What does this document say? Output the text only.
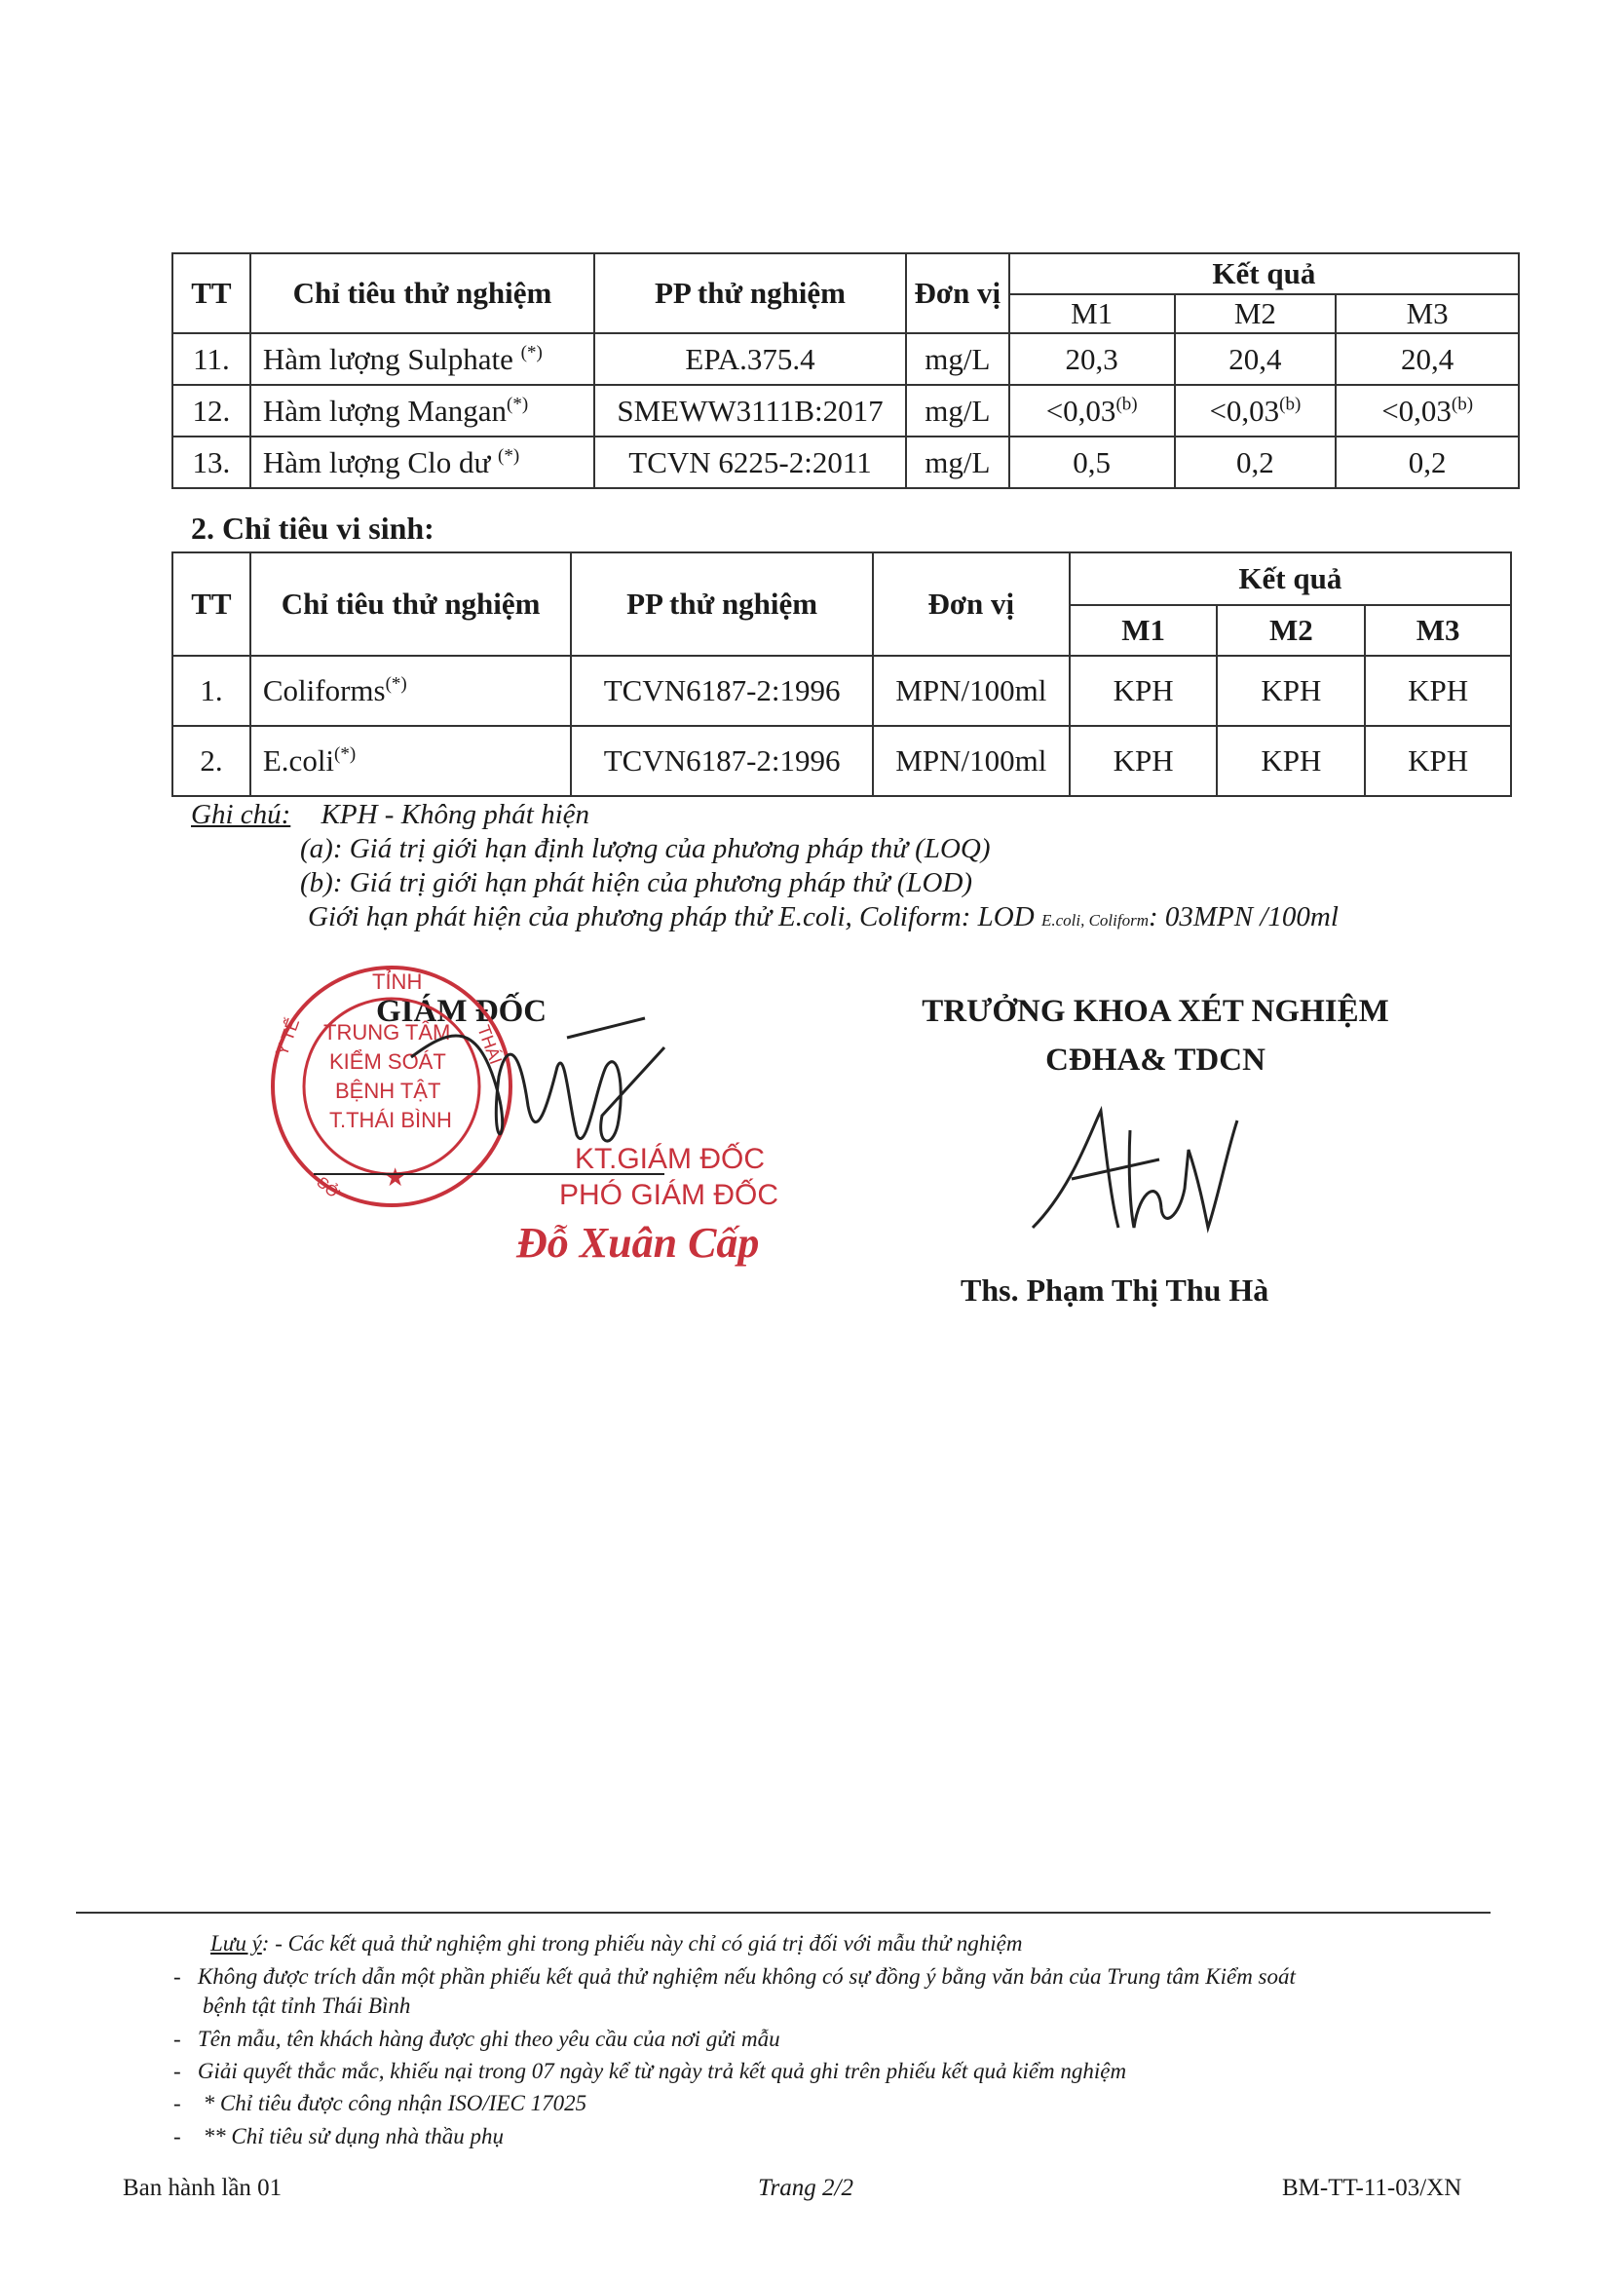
TT	Chỉ tiêu thử nghiệm	PP thử nghiệm	Đơn vị	Kết quả		
				M1	M2	M3
11.	Hàm lượng Sulphate (*)	EPA.375.4	mg/L	20,3	20,4	20,4
12.	Hàm lượng Mangan(*)	SMEWW3111B:2017	mg/L	$<0,03^{(b)}$	$<0,03^{(b)}$	$<0,03^{(b)}$
13.	Hàm lượng Clo dư (*)	TCVN 6225-2:2011	mg/L	0,5	0,2	0,2
2. Chỉ tiêu vi sinh:
TT	Chỉ tiêu thử nghiệm	PP thử nghiệm	Đơn vị	Kết quả		
				M1	M2	M3
1.	Coliforms(*)	TCVN6187-2:1996	MPN/100ml	KPH	KPH	KPH
2.	E.coli(*)	TCVN6187-2:1996	MPN/100ml	KPH	KPH	KPH
Ghi chú: KPH - Không phát hiện
(a): Giá trị giới hạn định lượng của phương pháp thử (LOQ)
(b): Giá trị giới hạn phát hiện của phương pháp thử (LOD)
Giới hạn phát hiện của phương pháp thử E.coli, Coliform: LOD E.coli, Coliform: 03MPN /100ml
GIÁM ĐỐC
TỈNH
Y TẾ	THÁI
TRUNG TÂM
KIỂM SOÁT
BỆNH TẬT
T.THÁI BÌNH
SỞ ★
KT.GIÁM ĐỐC
PHÓ GIÁM ĐỐC
Đỗ Xuân Cấp
TRƯỞNG KHOA XÉT NGHIỆM
CĐHA& TDCN
Ths. Phạm Thị Thu Hà
Lưu ý: - Các kết quả thử nghiệm ghi trong phiếu này chỉ có giá trị đối với mẫu thử nghiệm
-   Không được trích dẫn một phần phiếu kết quả thử nghiệm nếu không có sự đồng ý bằng văn bản của Trung tâm Kiểm soát
bệnh tật tỉnh Thái Bình
-   Tên mẫu, tên khách hàng được ghi theo yêu cầu của nơi gửi mẫu
-   Giải quyết thắc mắc, khiếu nại trong 07 ngày kể từ ngày trả kết quả ghi trên phiếu kết quả kiểm nghiệm
-    * Chỉ tiêu được công nhận ISO/IEC 17025
-    ** Chỉ tiêu sử dụng nhà thầu phụ
Ban hành lần 01	Trang 2/2	BM-TT-11-03/XN
